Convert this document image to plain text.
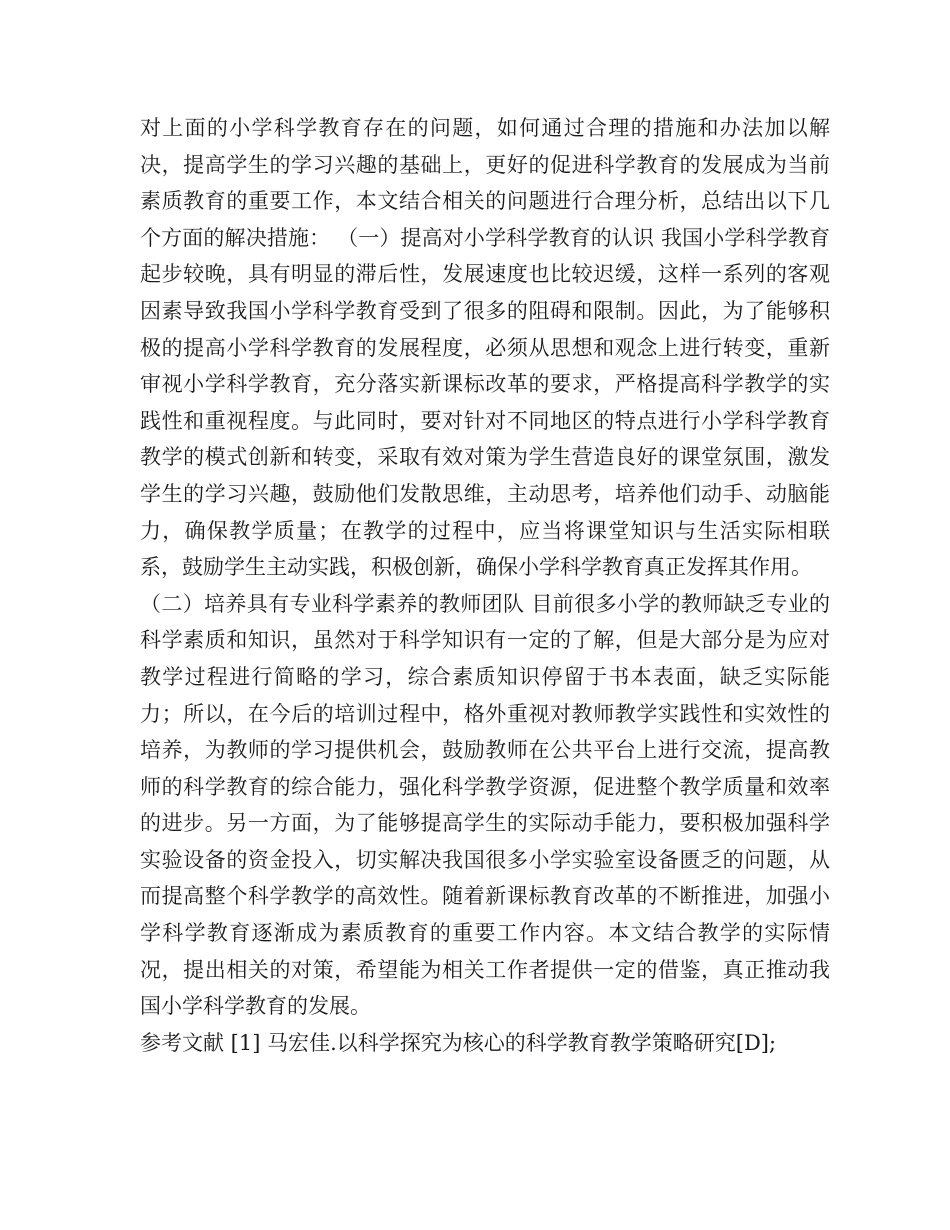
对上面的小学科学教育存在的问题，如何通过合理的措施和办法加以解决，提高学生的学习兴趣的基础上，更好的促进科学教育的发展成为当前素质教育的重要工作，本文结合相关的问题进行合理分析，总结出以下几个方面的解决措施： （一）提高对小学科学教育的认识 我国小学科学教育起步较晚，具有明显的滞后性，发展速度也比较迟缓，这样一系列的客观因素导致我国小学科学教育受到了很多的阻碍和限制。因此，为了能够积极的提高小学科学教育的发展程度，必须从思想和观念上进行转变，重新审视小学科学教育，充分落实新课标改革的要求，严格提高科学教学的实践性和重视程度。与此同时，要对针对不同地区的特点进行小学科学教育教学的模式创新和转变，采取有效对策为学生营造良好的课堂氛围，激发学生的学习兴趣，鼓励他们发散思维，主动思考，培养他们动手、动脑能力，确保教学质量；在教学的过程中，应当将课堂知识与生活实际相联系，鼓励学生主动实践，积极创新，确保小学科学教育真正发挥其作用。

（二）培养具有专业科学素养的教师团队 目前很多小学的教师缺乏专业的科学素质和知识，虽然对于科学知识有一定的了解，但是大部分是为应对教学过程进行简略的学习，综合素质知识停留于书本表面，缺乏实际能力；所以，在今后的培训过程中，格外重视对教师教学实践性和实效性的培养，为教师的学习提供机会，鼓励教师在公共平台上进行交流，提高教师的科学教育的综合能力，强化科学教学资源，促进整个教学质量和效率的进步。另一方面，为了能够提高学生的实际动手能力，要积极加强科学实验设备的资金投入，切实解决我国很多小学实验室设备匮乏的问题，从而提高整个科学教学的高效性。随着新课标教育改革的不断推进，加强小学科学教育逐渐成为素质教育的重要工作内容。本文结合教学的实际情况，提出相关的对策，希望能为相关工作者提供一定的借鉴，真正推动我国小学科学教育的发展。

参考文献 [1] 马宏佳.以科学探究为核心的科学教育教学策略研究[D];
